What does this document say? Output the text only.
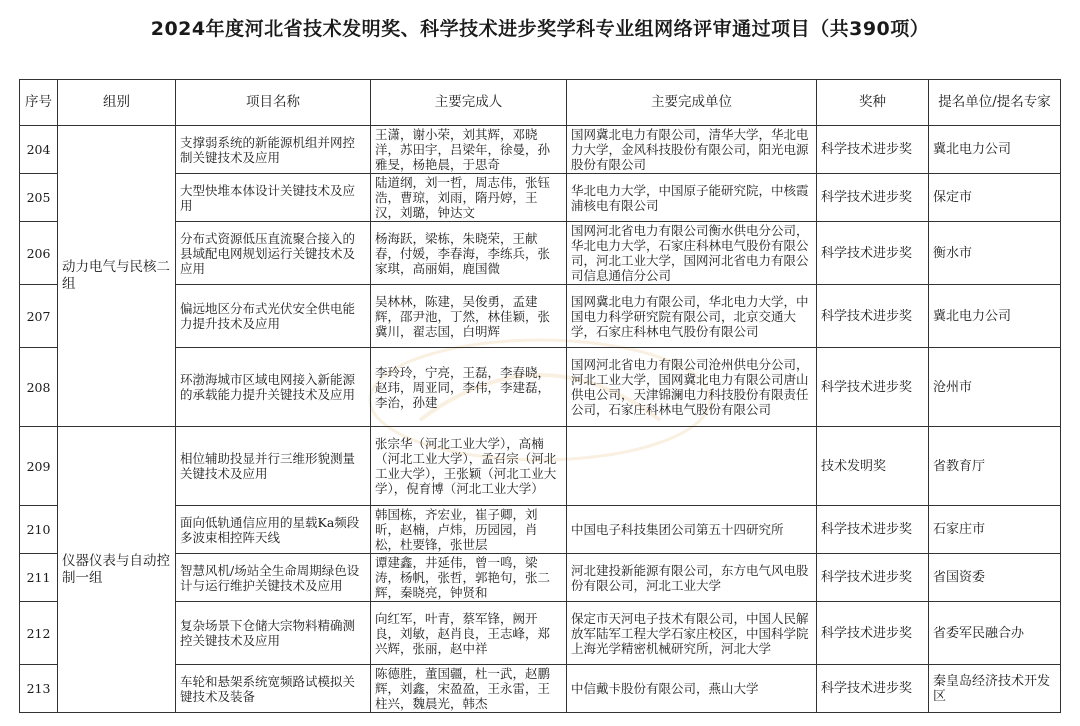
2024年度河北省技术发明奖、科学技术进步奖学科专业组网络评审通过项目（共390项）
序号	组别	项目名称	主要完成人	主要完成单位	奖种	提名单位/提名专家
204	动力电气与民核二组	支撑弱系统的新能源机组并网控制关键技术及应用	王潇，谢小荣，刘其辉，邓晓洋，苏田宇，吕梁年，徐曼，孙雅旻，杨艳晨，于思奇	国网冀北电力有限公司，清华大学，华北电力大学，金风科技股份有限公司，阳光电源股份有限公司	科学技术进步奖	冀北电力公司
205		大型快堆本体设计关键技术及应用	陆道纲，刘一哲，周志伟，张钰浩，曹琼，刘雨，隋丹婷，王汉，刘璐，钟达文	华北电力大学，中国原子能研究院，中核霞浦核电有限公司	科学技术进步奖	保定市
206		分布式资源低压直流聚合接入的县域配电网规划运行关键技术及应用	杨海跃，梁栋，朱晓荣，王献春，付媛，李春海，李练兵，张家琪，高丽娟，鹿国微	国网河北省电力有限公司衡水供电分公司，华北电力大学，石家庄科林电气股份有限公司，河北工业大学，国网河北省电力有限公司信息通信分公司	科学技术进步奖	衡水市
207		偏远地区分布式光伏安全供电能力提升技术及应用	吴林林，陈建，吴俊勇，孟建辉，邵尹池，丁然，林佳颖，张冀川，翟志国，白明辉	国网冀北电力有限公司，华北电力大学，中国电力科学研究院有限公司，北京交通大学，石家庄科林电气股份有限公司	科学技术进步奖	冀北电力公司
208		环渤海城市区域电网接入新能源的承载能力提升关键技术及应用	李玲玲，宁亮，王磊，李春晓，赵玮，周亚同，李伟，李建磊，李治，孙建	国网河北省电力有限公司沧州供电分公司，河北工业大学，国网冀北电力有限公司唐山供电公司，天津锦澜电力科技股份有限责任公司，石家庄科林电气股份有限公司	科学技术进步奖	沧州市
209	仪器仪表与自动控制一组	相位辅助投显并行三维形貌测量关键技术及应用	张宗华（河北工业大学），高楠（河北工业大学），孟召宗（河北工业大学），王张颖（河北工业大学），倪育博（河北工业大学）		技术发明奖	省教育厅
210		面向低轨通信应用的星载Ka频段多波束相控阵天线	韩国栋，齐宏业，崔子卿，刘昕，赵楠，卢炜，历园园，肖松，杜要锋，张世层	中国电子科技集团公司第五十四研究所	科学技术进步奖	石家庄市
211		智慧风机/场站全生命周期绿色设计与运行维护关键技术及应用	谭建鑫，井延伟，曾一鸣，梁涛，杨帆，张哲，郭艳句，张二辉，秦晓亮，钟贤和	河北建投新能源有限公司，东方电气风电股份有限公司，河北工业大学	科学技术进步奖	省国资委
212		复杂场景下仓储大宗物料精确测控关键技术及应用	向红军，叶青，蔡军锋，阙开良，刘敏，赵肖良，王志峰，郑兴辉，张丽，赵中祥	保定市天河电子技术有限公司，中国人民解放军陆军工程大学石家庄校区，中国科学院上海光学精密机械研究所，河北大学	科学技术进步奖	省委军民融合办
213		车轮和悬架系统宽频路试模拟关键技术及装备	陈德胜，董国疆，杜一武，赵鹏辉，刘鑫，宋盈盈，王永雷，王柱兴，魏晨光，韩杰	中信戴卡股份有限公司，燕山大学	科学技术进步奖	秦皇岛经济技术开发区
